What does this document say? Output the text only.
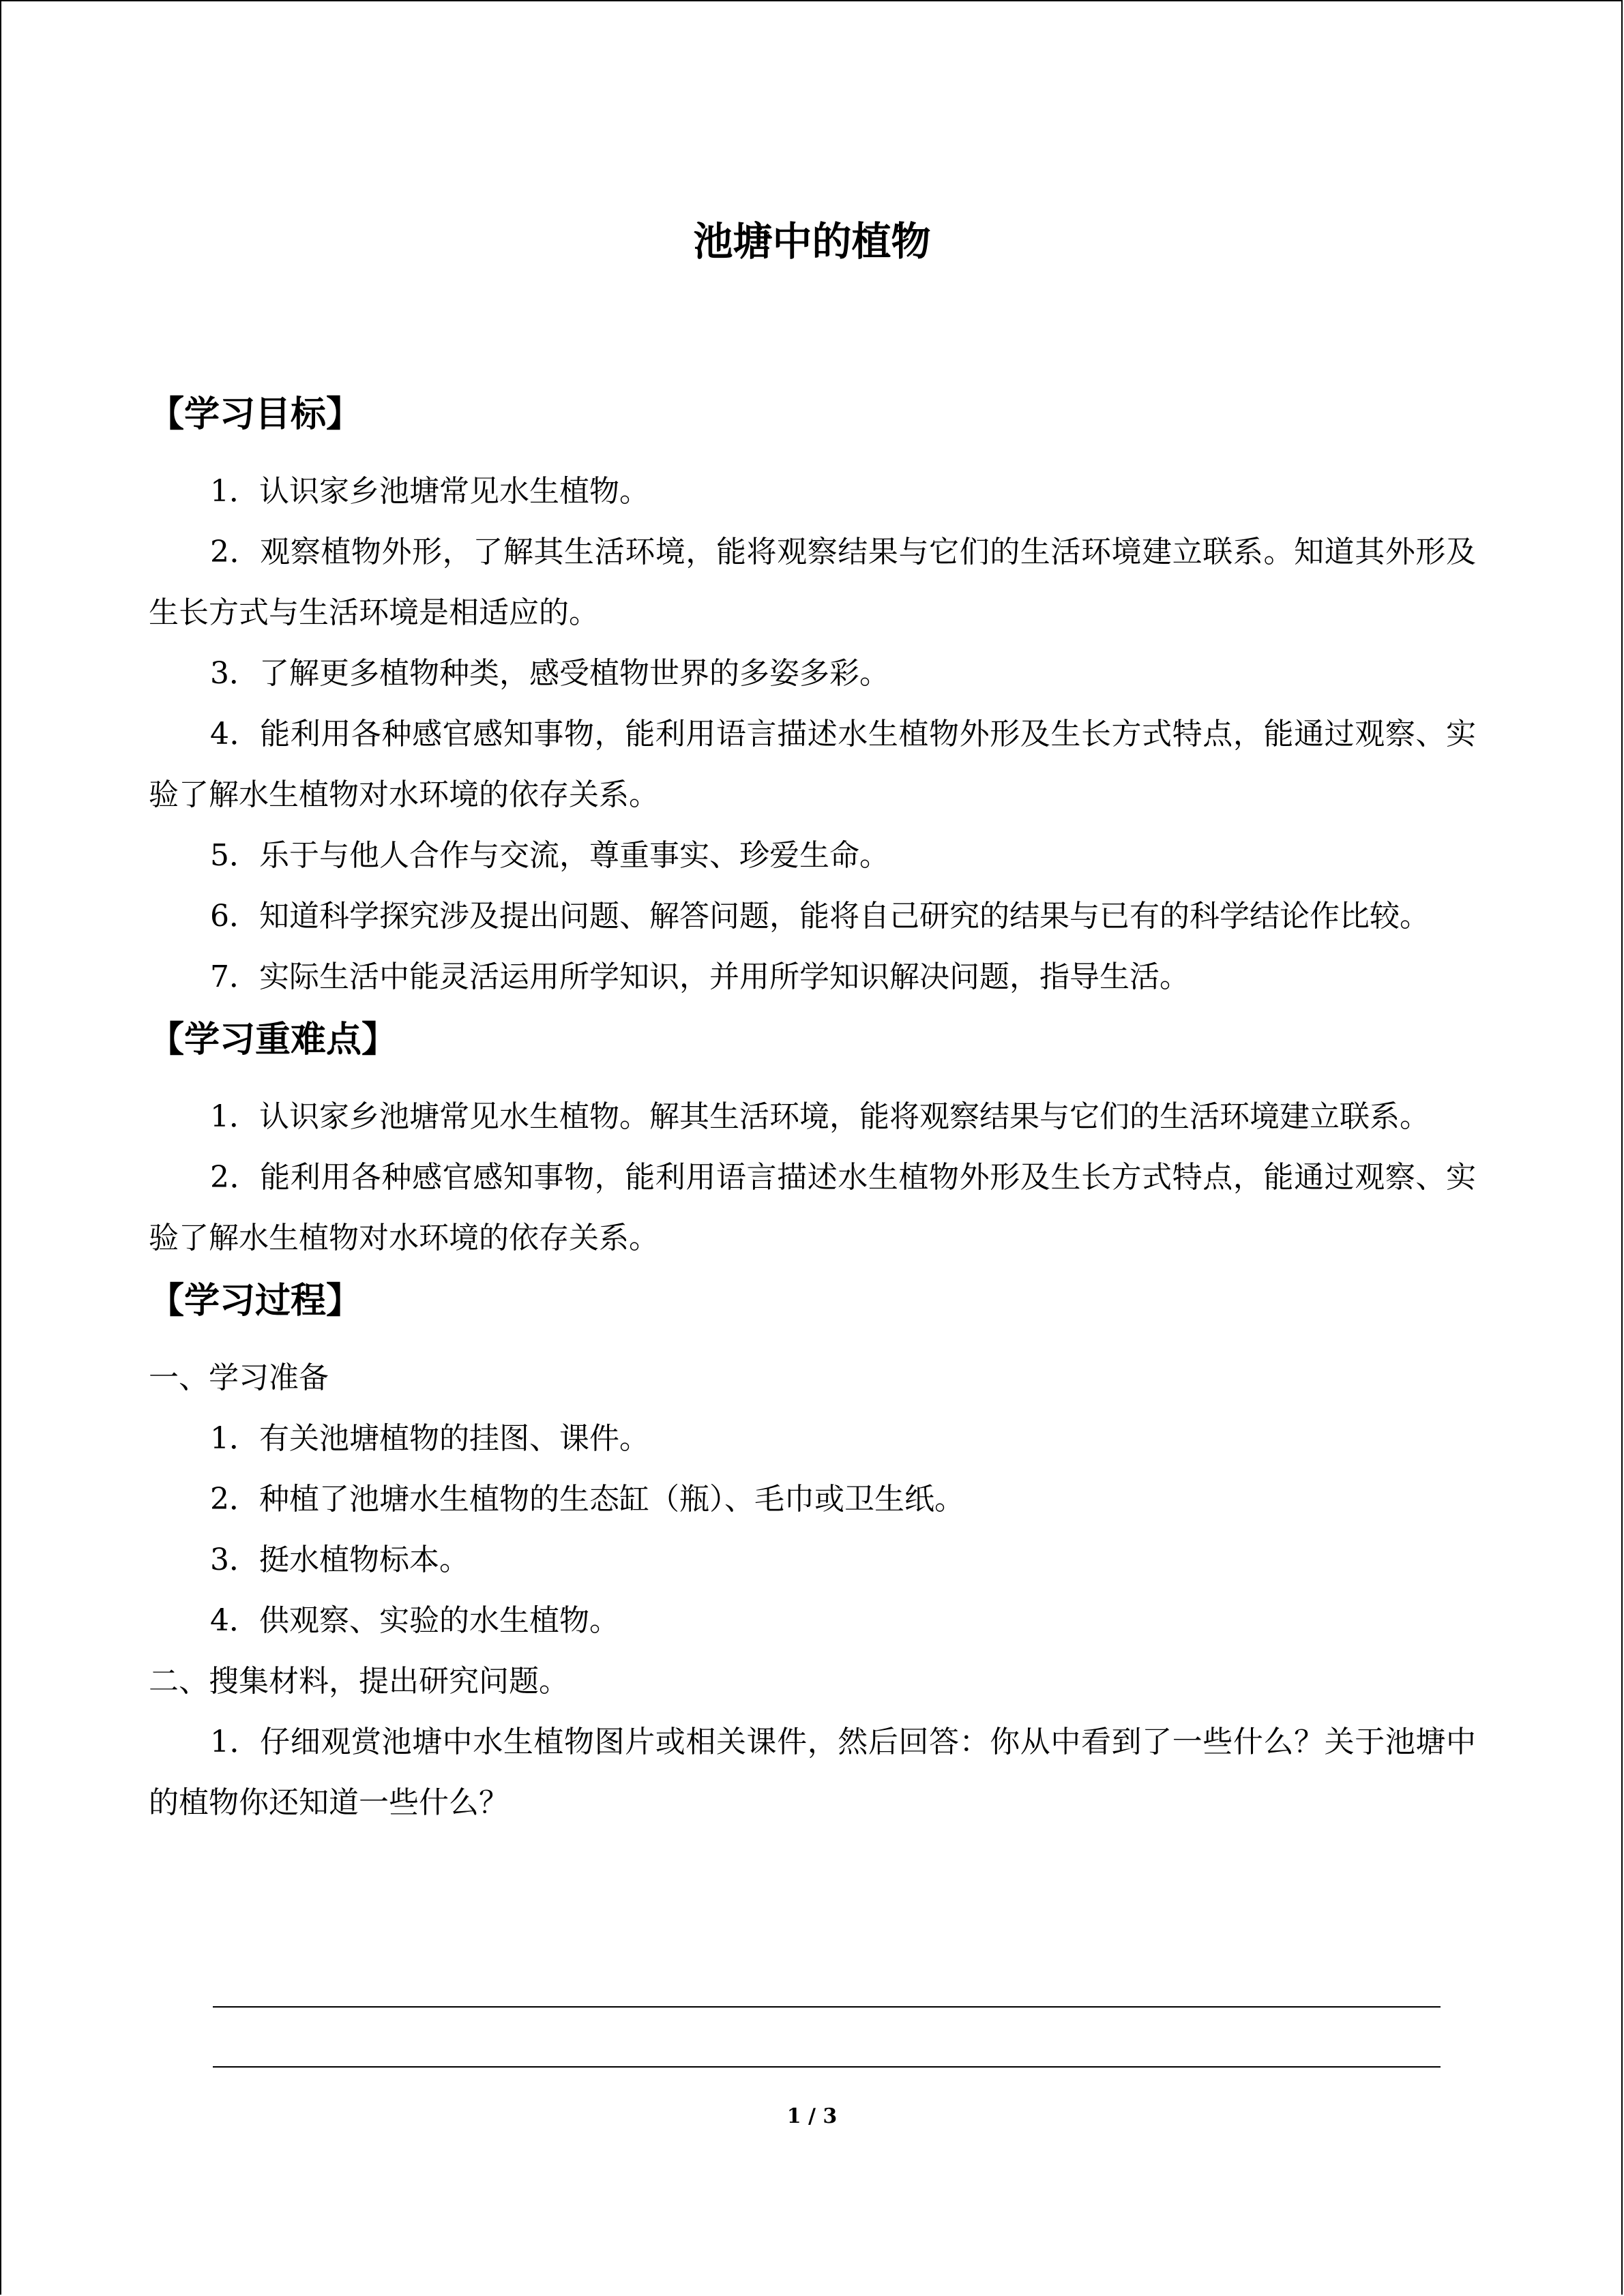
池塘中的植物
【学习目标】

1．认识家乡池塘常见水生植物。

2．观察植物外形，了解其生活环境，能将观察结果与它们的生活环境建立联系。知道其外形及生长方式与生活环境是相适应的。

3．了解更多植物种类，感受植物世界的多姿多彩。

4．能利用各种感官感知事物，能利用语言描述水生植物外形及生长方式特点，能通过观察、实验了解水生植物对水环境的依存关系。

5．乐于与他人合作与交流，尊重事实、珍爱生命。

6．知道科学探究涉及提出问题、解答问题，能将自己研究的结果与已有的科学结论作比较。

7．实际生活中能灵活运用所学知识，并用所学知识解决问题，指导生活。

【学习重难点】

1．认识家乡池塘常见水生植物。解其生活环境，能将观察结果与它们的生活环境建立联系。

2．能利用各种感官感知事物，能利用语言描述水生植物外形及生长方式特点，能通过观察、实验了解水生植物对水环境的依存关系。

【学习过程】

一、学习准备

1．有关池塘植物的挂图、课件。

2．种植了池塘水生植物的生态缸（瓶）、毛巾或卫生纸。

3．挺水植物标本。

4．供观察、实验的水生植物。

二、搜集材料，提出研究问题。

1．仔细观赏池塘中水生植物图片或相关课件，然后回答：你从中看到了一些什么？关于池塘中的植物你还知道一些什么？

1 / 3
